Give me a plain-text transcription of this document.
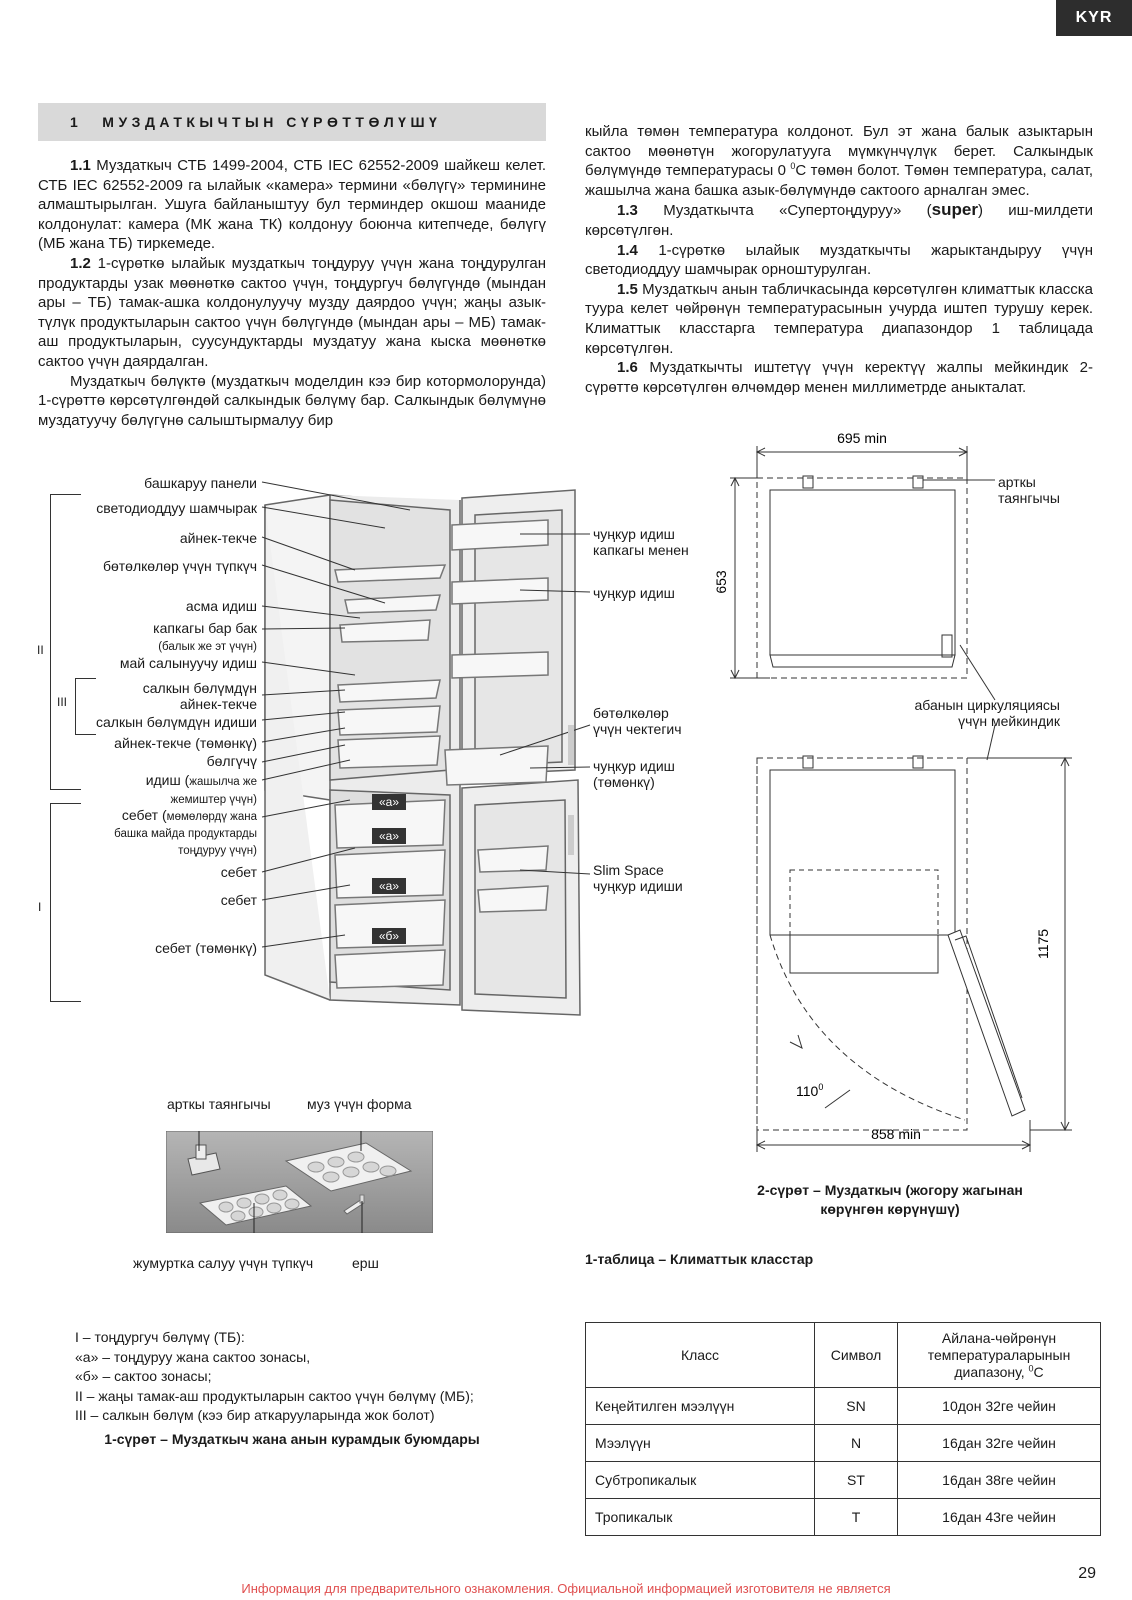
KYR
1 МУЗДАТКЫЧТЫН СҮРӨТТӨЛҮШҮ

1.1 Муздаткыч СТБ 1499-2004, СТБ IEC 62552-2009 шайкеш келет. СТБ IEC 62552-2009 га ылайык «камера» термини «бөлүгү» терминине алмаштырылган. Ушуга байланыштуу бул терминдер окшош мааниде колдонулат: камера (МК жана ТК) колдонуу боюнча китепчеде, бөлүгү (МБ жана ТБ) тиркемеде.

1.2 1-сүрөткө ылайык муздаткыч тоңдуруу үчүн жана тоңдурулган продуктарды узак мөөнөткө сактоо үчүн, тоңдургуч бөлүгүндө (мындан ары – ТБ) тамак-ашка колдонулуучу музду даярдоо үчүн; жаңы азык-түлүк продуктыларын сактоо үчүн бөлүгүндө (мындан ары – МБ) тамак-аш продуктыларын, суусундуктарды муздатуу жана кыска мөөнөткө сактоо үчүн даярдалган.

Муздаткыч бөлүктө (муздаткыч моделдин кээ бир котормолорунда) 1-сүрөттө көрсөтүлгөндөй салкындык бөлүмү бар. Салкындык бөлүмүнө муздатуучу бөлүгүнө салыштырмалуу бир

кыйла төмөн температура колдонот. Бул эт жана балык азыктарын сактоо мөөнөтүн жогорулатууга мүмкүнчүлүк берет. Салкындык бөлүмүндө температурасы 0 $^0$С төмөн болот. Төмөн температура, салат, жашылча жана башка азык-бөлүмүндө сактоого арналган эмес.

1.3 Муздаткычта «Супертоңдуруу» (super) иш-милдети көрсөтүлгөн.

1.4 1-сүрөткө ылайык муздаткычты жарыктандыруу үчүн светодиоддуу шамчырак орноштурулган.

1.5 Муздаткыч анын табличкасында көрсөтүлгөн климаттык класска туура келет чөйрөнүн температурасынын учурда иштеп турушу керек. Климаттык класстарга температура диапазондор 1 таблицада көрсөтүлгөн.

1.6 Муздаткычты иштетүү үчүн керектүү жалпы мейкиндик 2-сүрөттө көрсөтүлгөн өлчөмдөр менен миллиметрде аныкталат.

«а»
«а»
«а»
«б»
башкаруу панели
светодиоддуу шамчырак
айнек-текче
бөтөлкөлөр үчүн түпкүч
асма идиш
капкагы бар бак
(балык же эт үчүн)
май салынуучу идиш
салкын бөлүмдүн
айнек-текче
салкын бөлүмдүн идиши
айнек-текче (төмөнкү)
бөлгүчү
идиш (жашылча же
жемиштер үчүн)
себет (мөмөлөрдү жана
башка майда продуктарды
тоңдуруу үчүн)
себет
себет
себет (төмөнкү)
чуңкур идиш
капкагы менен
чуңкур идиш
бөтөлкөлөр
үчүн чектегич
чуңкур идиш
(төмөнкү)
Slim Space
чуңкур идиши
II
III
I
арткы таянгычы	муз үчүн форма
жумуртка салуу үчүн түпкүч	ерш
I – тоңдургуч бөлүмү (ТБ):
«а» – тоңдуруу жана сактоо зонасы,
«б» – сактоо зонасы;
II – жаңы тамак-аш продуктыларын сактоо үчүн бөлүмү (МБ);
III – салкын бөлүм (кээ бир аткарууларында жок болот)
1-сүрөт – Муздаткыч жана анын курамдык буюмдары
695 min
653
1175
$110^0$
858 min
арткы
таянгычы
абанын циркуляциясы
үчүн мейкиндик
2-сүрөт – Муздаткыч (жогору жагынан
көрүнгөн көрүнүшү)
1-таблица – Климаттык класстар
Класс	Символ	Айлана-чөйрөнүн
температураларынын
диапазону, $^0$С
Кеңейтилген мээлүүн	SN	10дон 32ге чейин
Мээлүүн	N	16дан 32ге чейин
Субтропикалык	ST	16дан 38ге чейин
Тропикалык	T	16дан 43ге чейин
29
Информация для предварительного ознакомления. Официальной информацией изготовителя не является
